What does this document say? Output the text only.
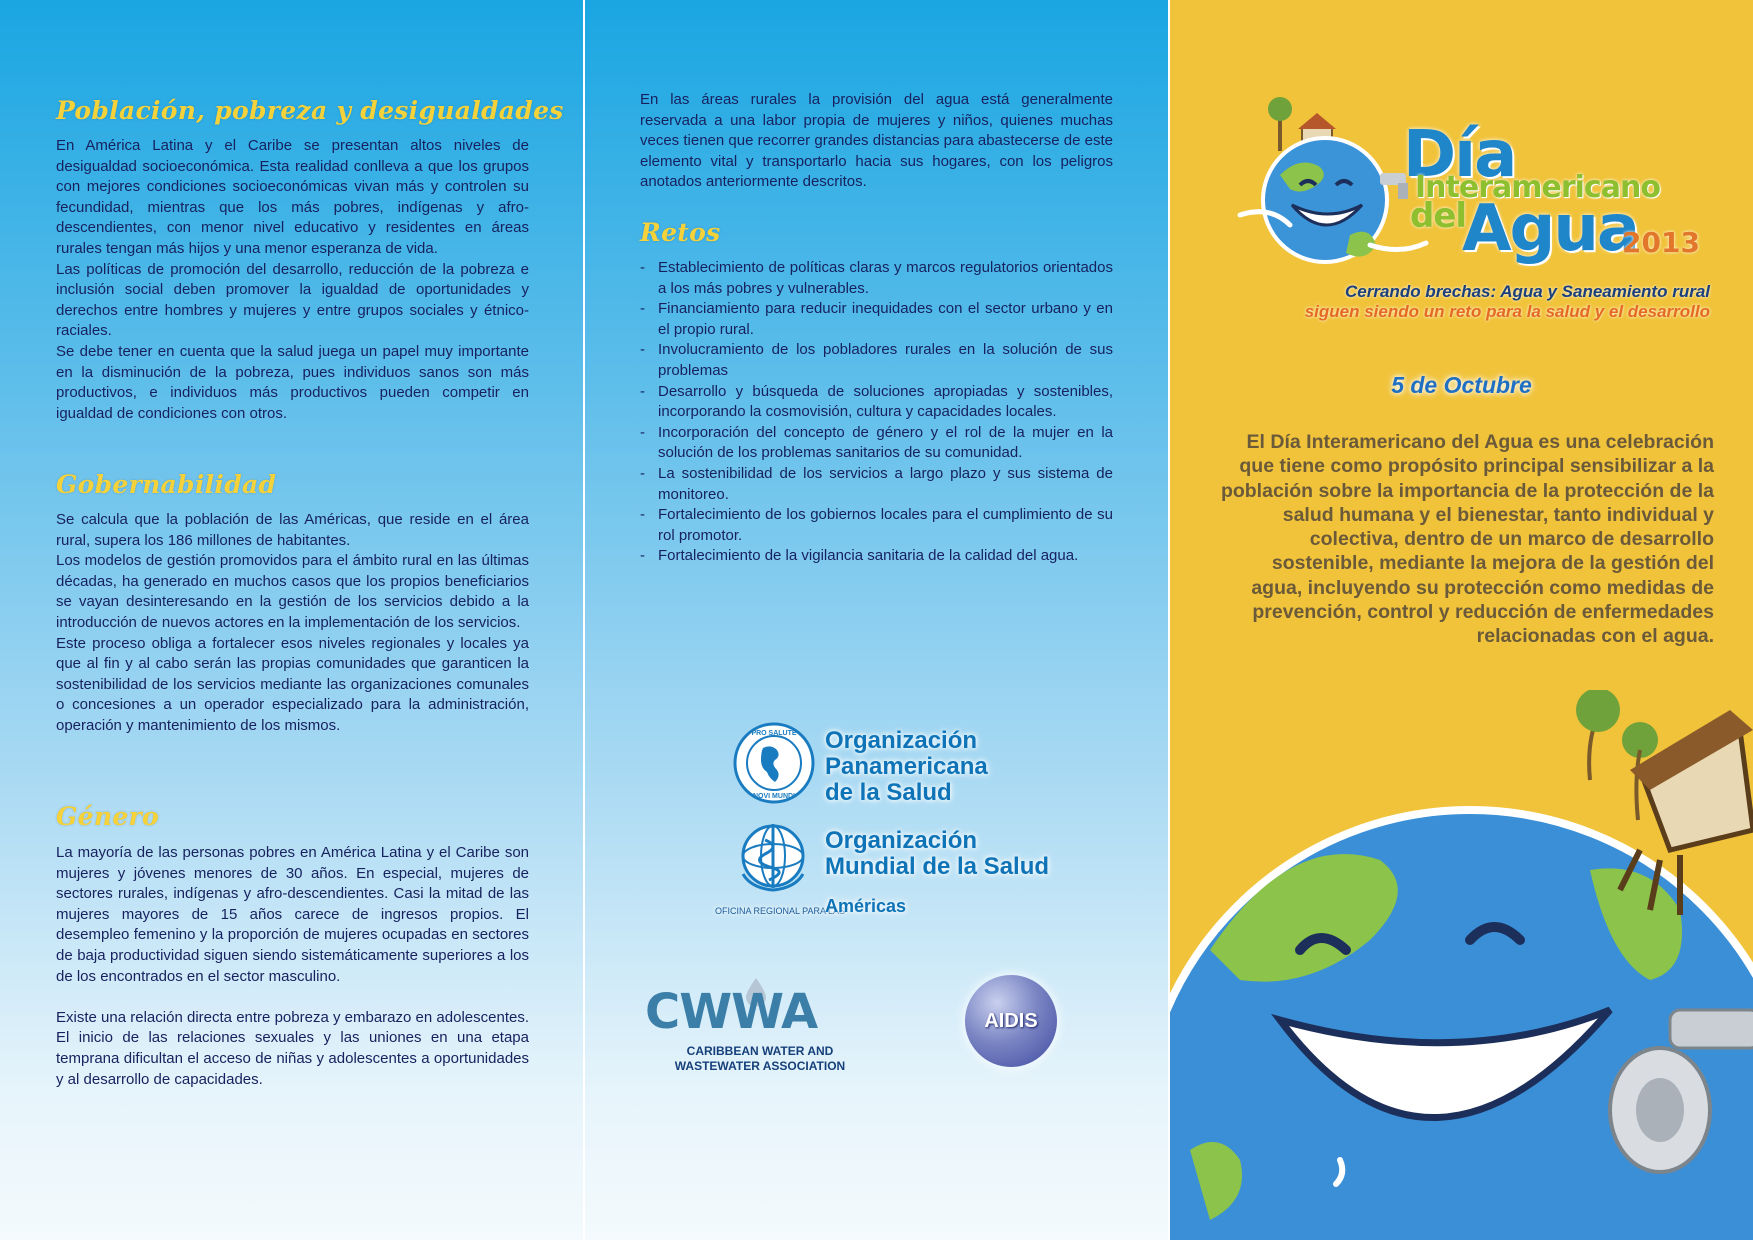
Población, pobreza y desigualdades

En América Latina y el Caribe se presentan altos niveles de desigualdad socioeconómica. Esta realidad conlleva a que los grupos con mejores condiciones socioeconómicas vivan más y controlen su fecundidad, mientras que los más pobres, indígenas y afro-descendientes, con menor nivel educativo y residentes en áreas rurales tengan más hijos y una menor esperanza de vida.

Las políticas de promoción del desarrollo, reducción de la pobreza e inclusión social deben promover la igualdad de oportunidades y derechos entre hombres y mujeres y entre grupos sociales y étnico-raciales.

Se debe tener en cuenta que la salud juega un papel muy importante en la disminución de la pobreza, pues individuos sanos son más productivos, e individuos más productivos pueden competir en igualdad de condiciones con otros.

Gobernabilidad

Se calcula que la población de las Américas, que reside en el área rural, supera los 186 millones de habitantes.

Los modelos de gestión promovidos para el ámbito rural en las últimas décadas, ha generado en muchos casos que los propios beneficiarios se vayan desinteresando en la gestión de los servicios debido a la introducción de nuevos actores en la implementación de los servicios.

Este proceso obliga a fortalecer esos niveles regionales y locales ya que al fin y al cabo serán las propias comunidades que garanticen la sostenibilidad de los servicios mediante las organizaciones comunales o concesiones a un operador especializado para la administración, operación y mantenimiento de los mismos.

Género

La mayoría de las personas pobres en América Latina y el Caribe son mujeres y jóvenes menores de 30 años. En especial, mujeres de sectores rurales, indígenas y afro-descendientes. Casi la mitad de las mujeres mayores de 15 años carece de ingresos propios. El desempleo femenino y la proporción de mujeres ocupadas en sectores de baja productividad siguen siendo sistemáticamente superiores a los de los encontrados en el sector masculino.

Existe una relación directa entre pobreza y embarazo en adolescentes. El inicio de las relaciones sexuales y las uniones en una etapa temprana dificultan el acceso de niñas y adolescentes a oportunidades y al desarrollo de capacidades.

En las áreas rurales la provisión del agua está generalmente reservada a una labor propia de mujeres y niños, quienes muchas veces tienen que recorrer grandes distancias para abastecerse de este elemento vital y transportarlo hacia sus hogares, con los peligros anotados anteriormente descritos.
Retos
- Establecimiento de políticas claras y marcos regulatorios orientados a los más pobres y vulnerables.
- Financiamiento para reducir inequidades con el sector urbano y en el propio rural.
- Involucramiento de los pobladores rurales en la solución de sus problemas
- Desarrollo y búsqueda de soluciones apropiadas y sostenibles, incorporando la cosmovisión, cultura y capacidades locales.
- Incorporación del concepto de género y el rol de la mujer en la solución de los problemas sanitarios de su comunidad.
- La sostenibilidad de los servicios a largo plazo y sus sistema de monitoreo.
- Fortalecimiento de los gobiernos locales para el cumplimiento de su rol promotor.
- Fortalecimiento de la vigilancia sanitaria de la calidad del agua.
PRO SALUTE
NOVI MUNDI
Organización
Panamericana
de la Salud
Organización
Mundial de la Salud
OFICINA REGIONAL PARA LAS
Américas
CWWA
CARIBBEAN WATER AND
WASTEWATER ASSOCIATION
AIDIS
Día
Interamericano
del
Agua
2013
Cerrando brechas: Agua y Saneamiento rural
siguen siendo un reto para la salud y el desarrollo
5 de Octubre
El Día Interamericano del Agua es una celebración que tiene como propósito principal sensibilizar a la población sobre la importancia de la protección de la salud humana y el bienestar, tanto individual y colectiva, dentro de un marco de desarrollo sostenible, mediante la mejora de la gestión del agua, incluyendo su protección como medidas de prevención, control y reducción de enfermedades relacionadas con el agua.
